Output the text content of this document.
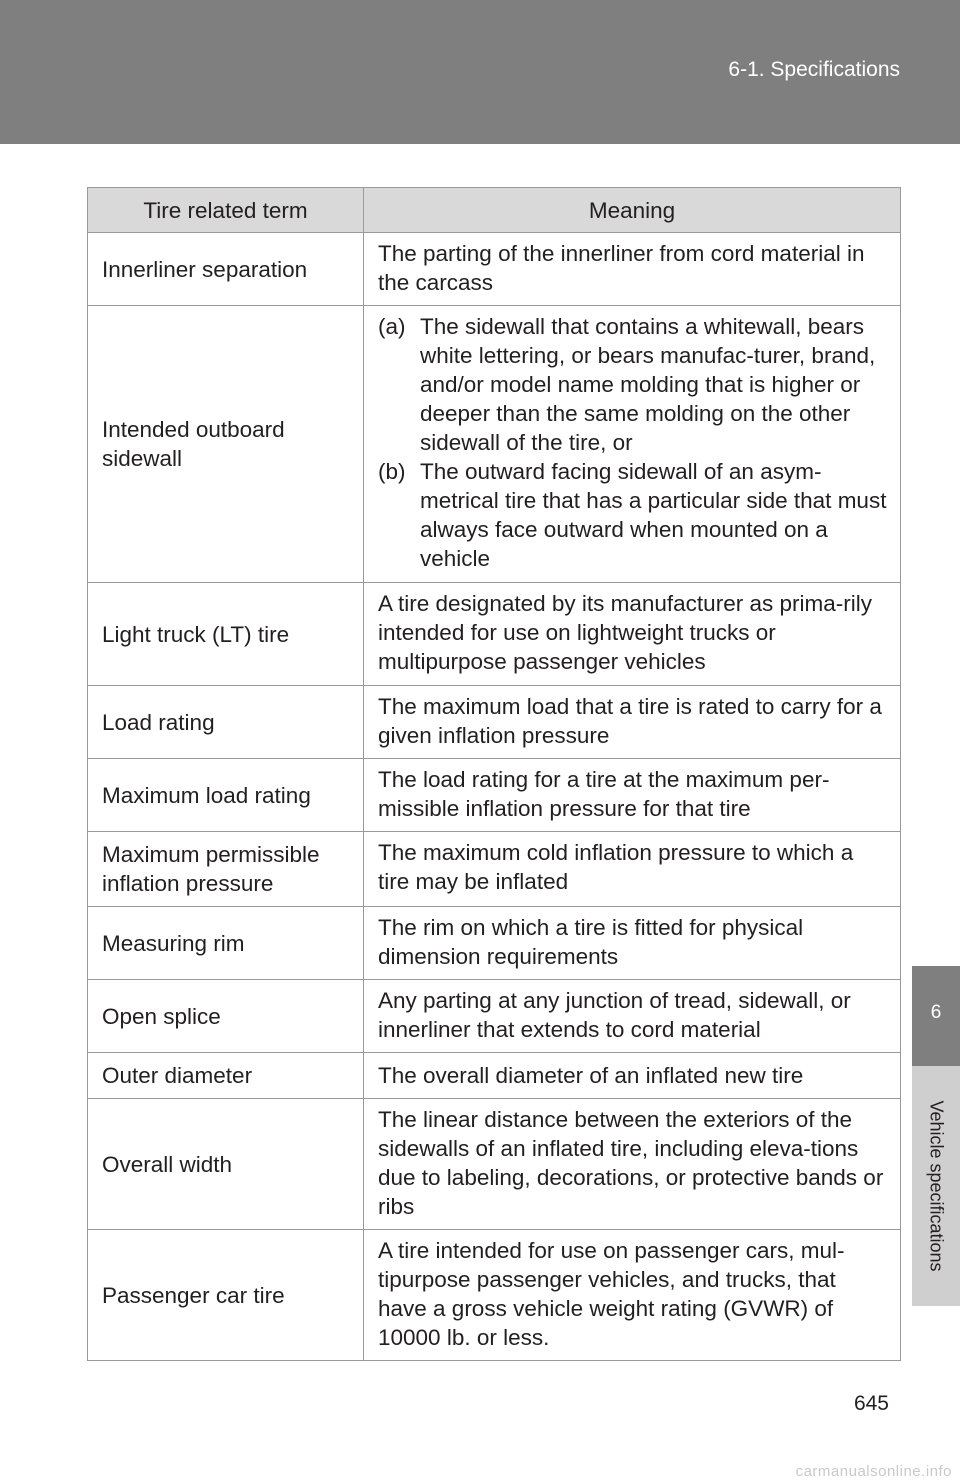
6-1. Specifications
6
Vehicle specifications
Tire related term	Meaning
Innerliner separation	The parting of the innerliner from cord material in the carcass
Intended outboard sidewall	(a) The sidewall that contains a whitewall, bears white lettering, or bears manufac-turer, brand, and/or model name molding that is higher or deeper than the same molding on the other sidewall of the tire, or
(b) The outward facing sidewall of an asym-metrical tire that has a particular side that must always face outward when mounted on a vehicle

Light truck (LT) tire	A tire designated by its manufacturer as prima-rily intended for use on lightweight trucks or multipurpose passenger vehicles
Load rating	The maximum load that a tire is rated to carry for a given inflation pressure
Maximum load rating	The load rating for a tire at the maximum per-missible inflation pressure for that tire
Maximum permissible inflation pressure	The maximum cold inflation pressure to which a tire may be inflated
Measuring rim	The rim on which a tire is fitted for physical dimension requirements
Open splice	Any parting at any junction of tread, sidewall, or innerliner that extends to cord material
Outer diameter	The overall diameter of an inflated new tire
Overall width	The linear distance between the exteriors of the sidewalls of an inflated tire, including eleva-tions due to labeling, decorations, or protective bands or ribs
Passenger car tire	A tire intended for use on passenger cars, mul-tipurpose passenger vehicles, and trucks, that have a gross vehicle weight rating (GVWR) of 10000 lb. or less.
645
carmanualsonline.info
